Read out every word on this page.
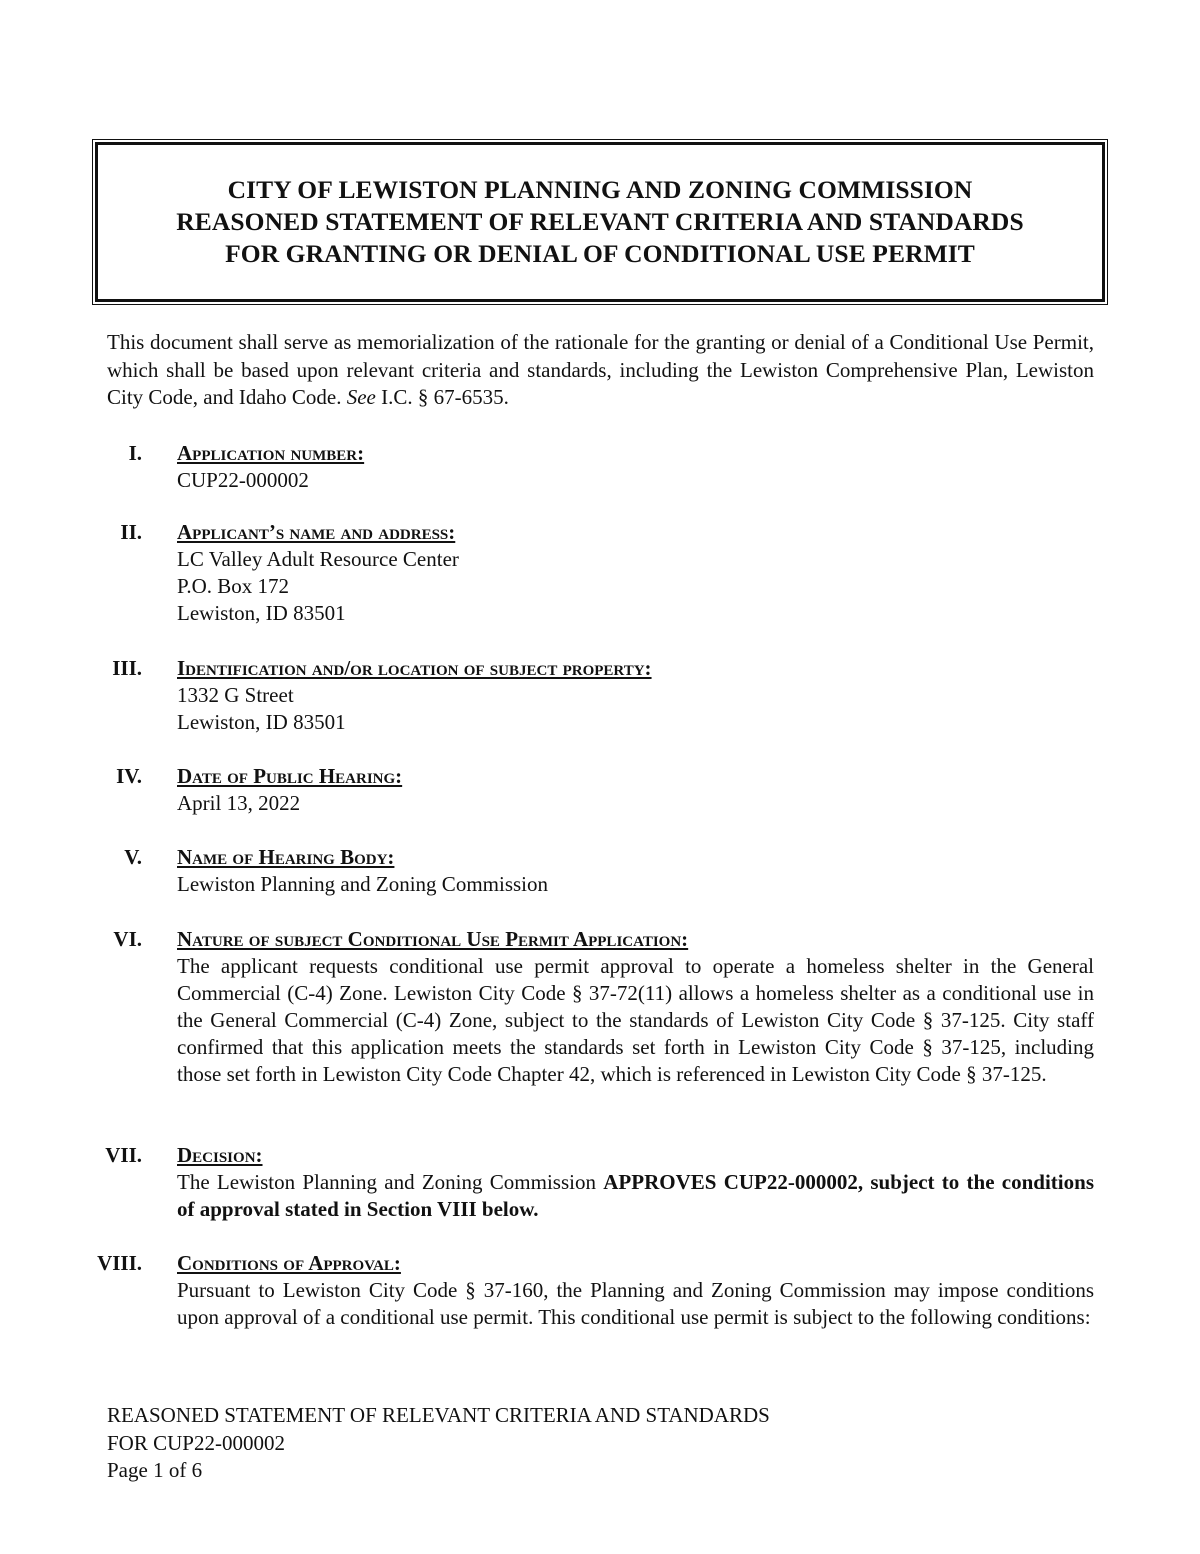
CITY OF LEWISTON PLANNING AND ZONING COMMISSION
REASONED STATEMENT OF RELEVANT CRITERIA AND STANDARDS
FOR GRANTING OR DENIAL OF CONDITIONAL USE PERMIT
This document shall serve as memorialization of the rationale for the granting or denial of a Conditional Use Permit, which shall be based upon relevant criteria and standards, including the Lewiston Comprehensive Plan, Lewiston City Code, and Idaho Code. See I.C. § 67-6535.
I. Application number:
CUP22-000002
II. Applicant’s name and address:
LC Valley Adult Resource Center
P.O. Box 172
Lewiston, ID 83501
III. Identification and/or location of subject property:
1332 G Street
Lewiston, ID 83501
IV. Date of Public Hearing:
April 13, 2022
V. Name of Hearing Body:
Lewiston Planning and Zoning Commission
VI. Nature of subject Conditional Use Permit Application:
The applicant requests conditional use permit approval to operate a homeless shelter in the General Commercial (C-4) Zone. Lewiston City Code § 37-72(11) allows a homeless shelter as a conditional use in the General Commercial (C-4) Zone, subject to the standards of Lewiston City Code § 37-125. City staff confirmed that this application meets the standards set forth in Lewiston City Code § 37-125, including those set forth in Lewiston City Code Chapter 42, which is referenced in Lewiston City Code § 37-125.
VII. Decision:
The Lewiston Planning and Zoning Commission APPROVES CUP22-000002, subject to the conditions of approval stated in Section VIII below.
VIII. Conditions of Approval:
Pursuant to Lewiston City Code § 37-160, the Planning and Zoning Commission may impose conditions upon approval of a conditional use permit. This conditional use permit is subject to the following conditions:
REASONED STATEMENT OF RELEVANT CRITERIA AND STANDARDS
FOR CUP22-000002
Page 1 of 6
